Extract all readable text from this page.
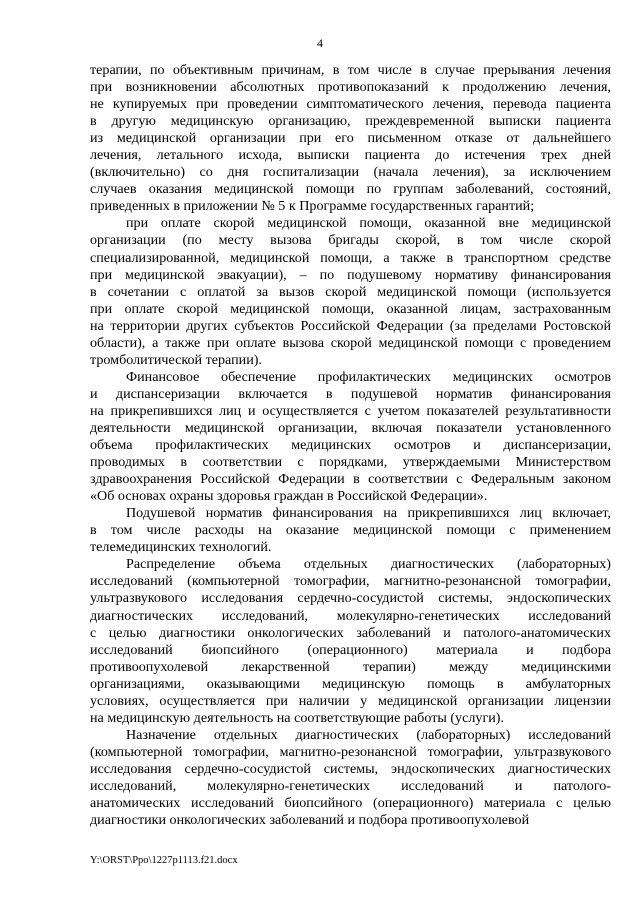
4
терапии, по объективным причинам, в том числе в случае прерывания лечения
при возникновении абсолютных противопоказаний к продолжению лечения,
не купируемых при проведении симптоматического лечения, перевода пациента
в другую медицинскую организацию, преждевременной выписки пациента
из медицинской организации при его письменном отказе от дальнейшего
лечения, летального исхода, выписки пациента до истечения трех дней
(включительно) со дня госпитализации (начала лечения), за исключением
случаев оказания медицинской помощи по группам заболеваний, состояний,
приведенных в приложении № 5 к Программе государственных гарантий;
при оплате скорой медицинской помощи, оказанной вне медицинской
организации (по месту вызова бригады скорой, в том числе скорой
специализированной, медицинской помощи, а также в транспортном средстве
при медицинской эвакуации), – по подушевому нормативу финансирования
в сочетании с оплатой за вызов скорой медицинской помощи (используется
при оплате скорой медицинской помощи, оказанной лицам, застрахованным
на территории других субъектов Российской Федерации (за пределами Ростовской
области), а также при оплате вызова скорой медицинской помощи с проведением
тромболитической терапии).
Финансовое обеспечение профилактических медицинских осмотров
и диспансеризации включается в подушевой норматив финансирования
на прикрепившихся лиц и осуществляется с учетом показателей результативности
деятельности медицинской организации, включая показатели установленного
объема профилактических медицинских осмотров и диспансеризации,
проводимых в соответствии с порядками, утверждаемыми Министерством
здравоохранения Российской Федерации в соответствии с Федеральным законом
«Об основах охраны здоровья граждан в Российской Федерации».
Подушевой норматив финансирования на прикрепившихся лиц включает,
в том числе расходы на оказание медицинской помощи с применением
телемедицинских технологий.
Распределение объема отдельных диагностических (лабораторных)
исследований (компьютерной томографии, магнитно-резонансной томографии,
ультразвукового исследования сердечно-сосудистой системы, эндоскопических
диагностических исследований, молекулярно-генетических исследований
с целью диагностики онкологических заболеваний и патолого-анатомических
исследований биопсийного (операционного) материала и подбора
противоопухолевой лекарственной терапии) между медицинскими
организациями, оказывающими медицинскую помощь в амбулаторных
условиях, осуществляется при наличии у медицинской организации лицензии
на медицинскую деятельность на соответствующие работы (услуги).
Назначение отдельных диагностических (лабораторных) исследований
(компьютерной томографии, магнитно-резонансной томографии, ультразвукового
исследования сердечно-сосудистой системы, эндоскопических диагностических
исследований, молекулярно-генетических исследований и патолого-
анатомических исследований биопсийного (операционного) материала с целью
диагностики онкологических заболеваний и подбора противоопухолевой
Y:\ORST\Ppo\1227p1113.f21.docx
